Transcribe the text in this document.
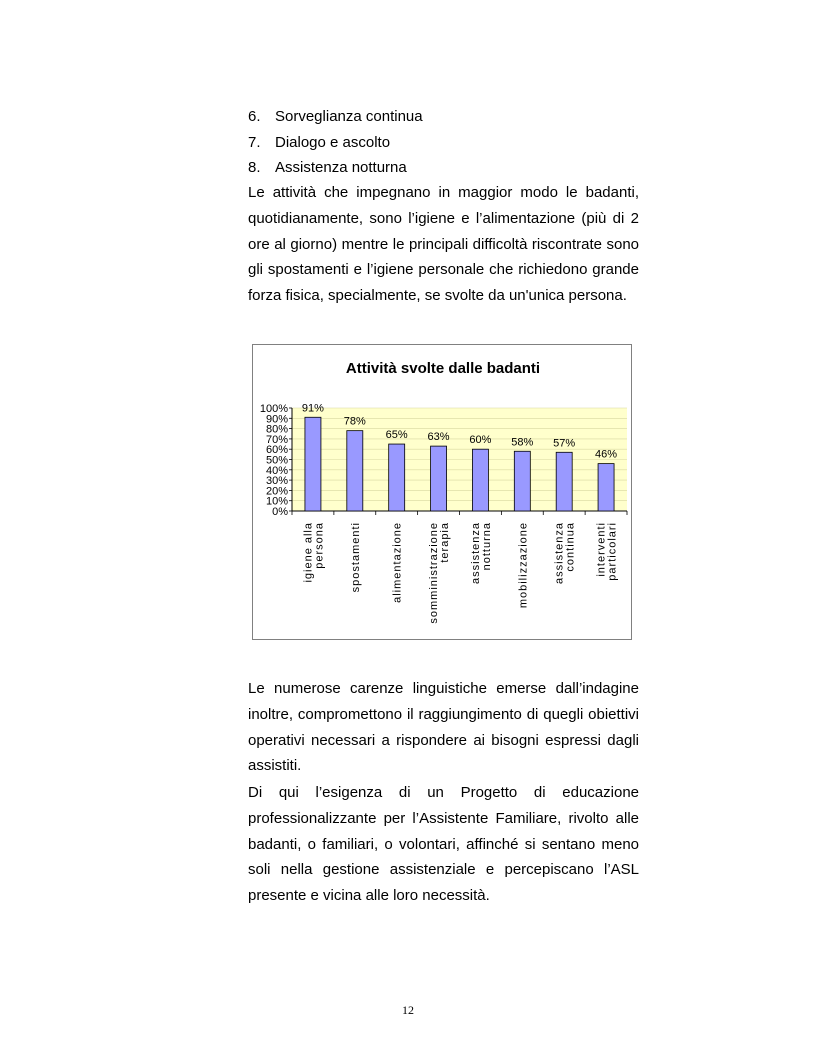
6. Sorveglianza continua
7. Dialogo e ascolto
8. Assistenza notturna

Le attività che impegnano in maggior modo le badanti, quotidianamente, sono l’igiene e l’alimentazione (più di 2 ore al giorno) mentre le principali difficoltà riscontrate sono gli spostamenti e l’igiene personale che richiedono grande forza fisica, specialmente, se svolte da un'unica persona.

Attività svolte dalle badanti
0%
10%
20%
30%
40%
50%
60%
70%
80%
90%
100% 91%
igiene alla persona
78%
spostamenti
65%
alimentazione
63%
somministrazione terapia
60%
assistenza notturna
58%
mobilizzazione
57%
assistenza continua
46%
interventi particolari

Le numerose carenze linguistiche emerse dall’indagine inoltre, compromettono il raggiungimento di quegli obiettivi operativi necessari a rispondere ai bisogni espressi dagli assistiti.

Di qui l’esigenza di un Progetto di educazione professionalizzante per l’Assistente Familiare, rivolto alle badanti, o familiari, o volontari, affinché si sentano meno soli nella gestione assistenziale e percepiscano l’ASL presente e vicina alle loro necessità.

12
